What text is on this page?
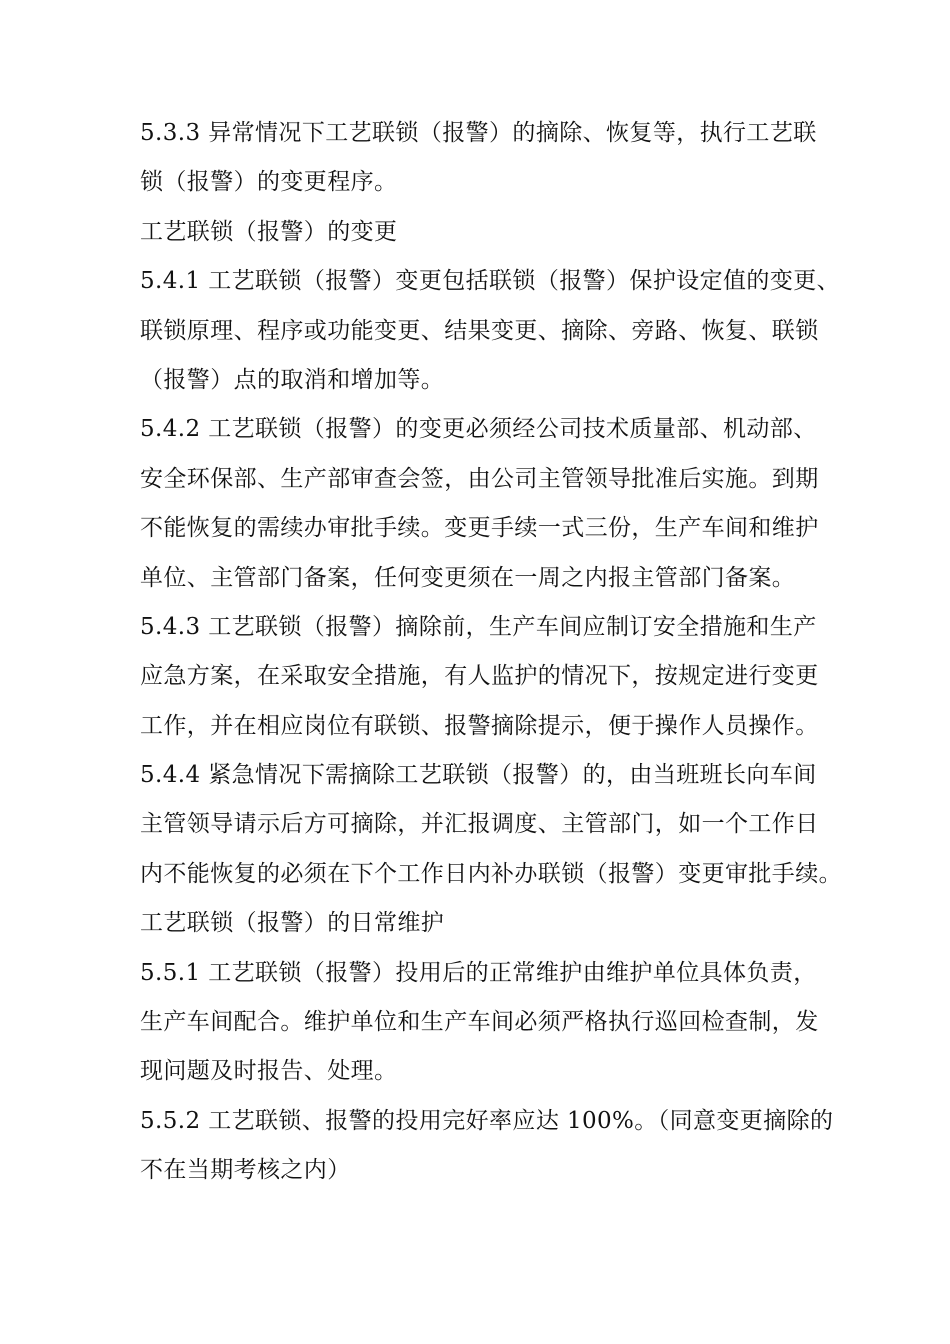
5.3.3 异常情况下工艺联锁（报警）的摘除、恢复等，执行工艺联
锁（报警）的变更程序。
工艺联锁（报警）的变更
5.4.1 工艺联锁（报警）变更包括联锁（报警）保护设定值的变更、
联锁原理、程序或功能变更、结果变更、摘除、旁路、恢复、联锁
（报警）点的取消和增加等。
5.4.2 工艺联锁（报警）的变更必须经公司技术质量部、机动部、
安全环保部、生产部审查会签，由公司主管领导批准后实施。到期
不能恢复的需续办审批手续。变更手续一式三份，生产车间和维护
单位、主管部门备案，任何变更须在一周之内报主管部门备案。
5.4.3 工艺联锁（报警）摘除前，生产车间应制订安全措施和生产
应急方案，在采取安全措施，有人监护的情况下，按规定进行变更
工作，并在相应岗位有联锁、报警摘除提示，便于操作人员操作。
5.4.4 紧急情况下需摘除工艺联锁（报警）的，由当班班长向车间
主管领导请示后方可摘除，并汇报调度、主管部门，如一个工作日
内不能恢复的必须在下个工作日内补办联锁（报警）变更审批手续。
工艺联锁（报警）的日常维护
5.5.1 工艺联锁（报警）投用后的正常维护由维护单位具体负责，
生产车间配合。维护单位和生产车间必须严格执行巡回检查制，发
现问题及时报告、处理。
5.5.2 工艺联锁、报警的投用完好率应达 100%。（同意变更摘除的
不在当期考核之内）
